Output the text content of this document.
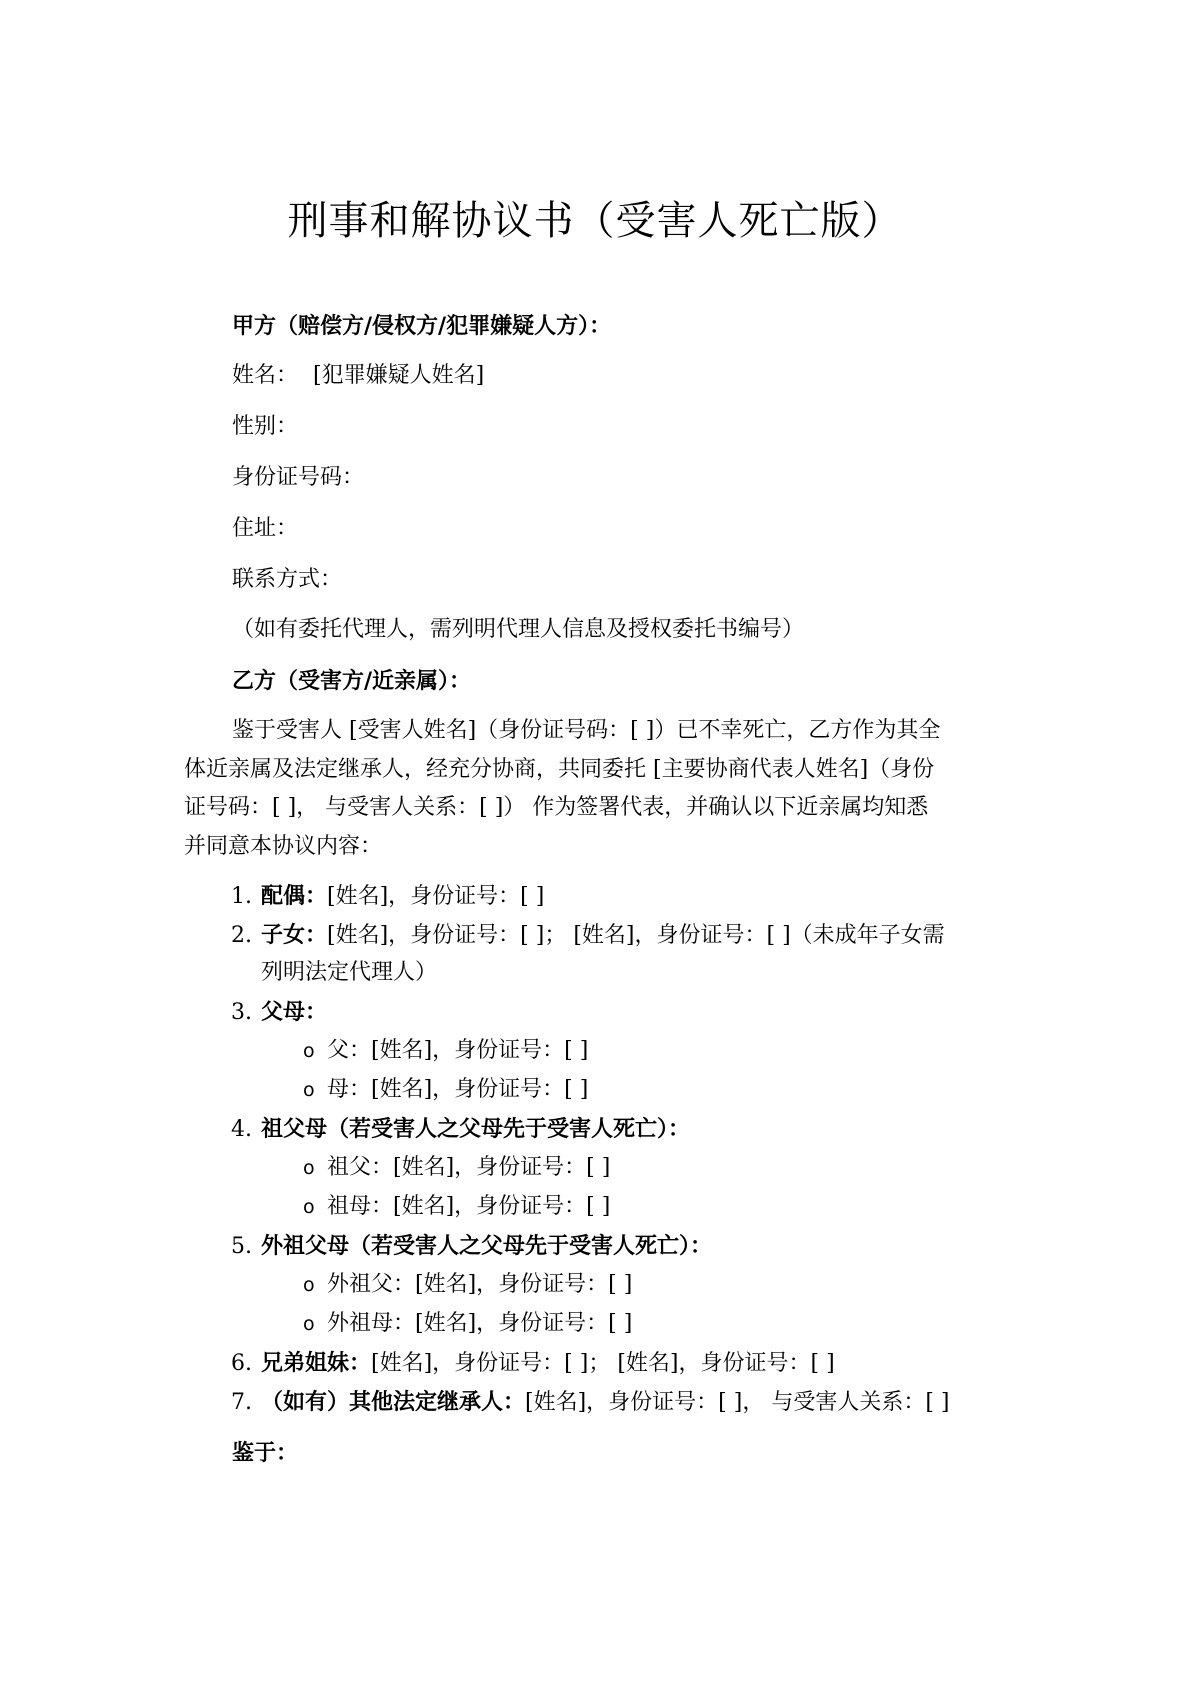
刑事和解协议书（受害人死亡版）
甲方（赔偿方/侵权方/犯罪嫌疑人方）：
姓名： [犯罪嫌疑人姓名]
性别：
身份证号码：
住址：
联系方式：
（如有委托代理人，需列明代理人信息及授权委托书编号）
乙方（受害方/近亲属）：
鉴于受害人 [受害人姓名]（身份证号码：[ ]）已不幸死亡，乙方作为其全
体近亲属及法定继承人，经充分协商，共同委托 [主要协商代表人姓名]（身份
证号码：[ ]， 与受害人关系：[ ]） 作为签署代表，并确认以下近亲属均知悉
并同意本协议内容：
1. 配偶：[姓名]，身份证号：[ ]
2. 子女：[姓名]，身份证号：[ ]； [姓名]，身份证号：[ ]（未成年子女需
列明法定代理人）
3. 父母：
o 父：[姓名]，身份证号：[ ]
o 母：[姓名]，身份证号：[ ]
4. 祖父母（若受害人之父母先于受害人死亡）：
o 祖父：[姓名]，身份证号：[ ]
o 祖母：[姓名]，身份证号：[ ]
5. 外祖父母（若受害人之父母先于受害人死亡）：
o 外祖父：[姓名]，身份证号：[ ]
o 外祖母：[姓名]，身份证号：[ ]
6. 兄弟姐妹：[姓名]，身份证号：[ ]； [姓名]，身份证号：[ ]
7. （如有）其他法定继承人：[姓名]，身份证号：[ ]， 与受害人关系：[ ]
鉴于：
